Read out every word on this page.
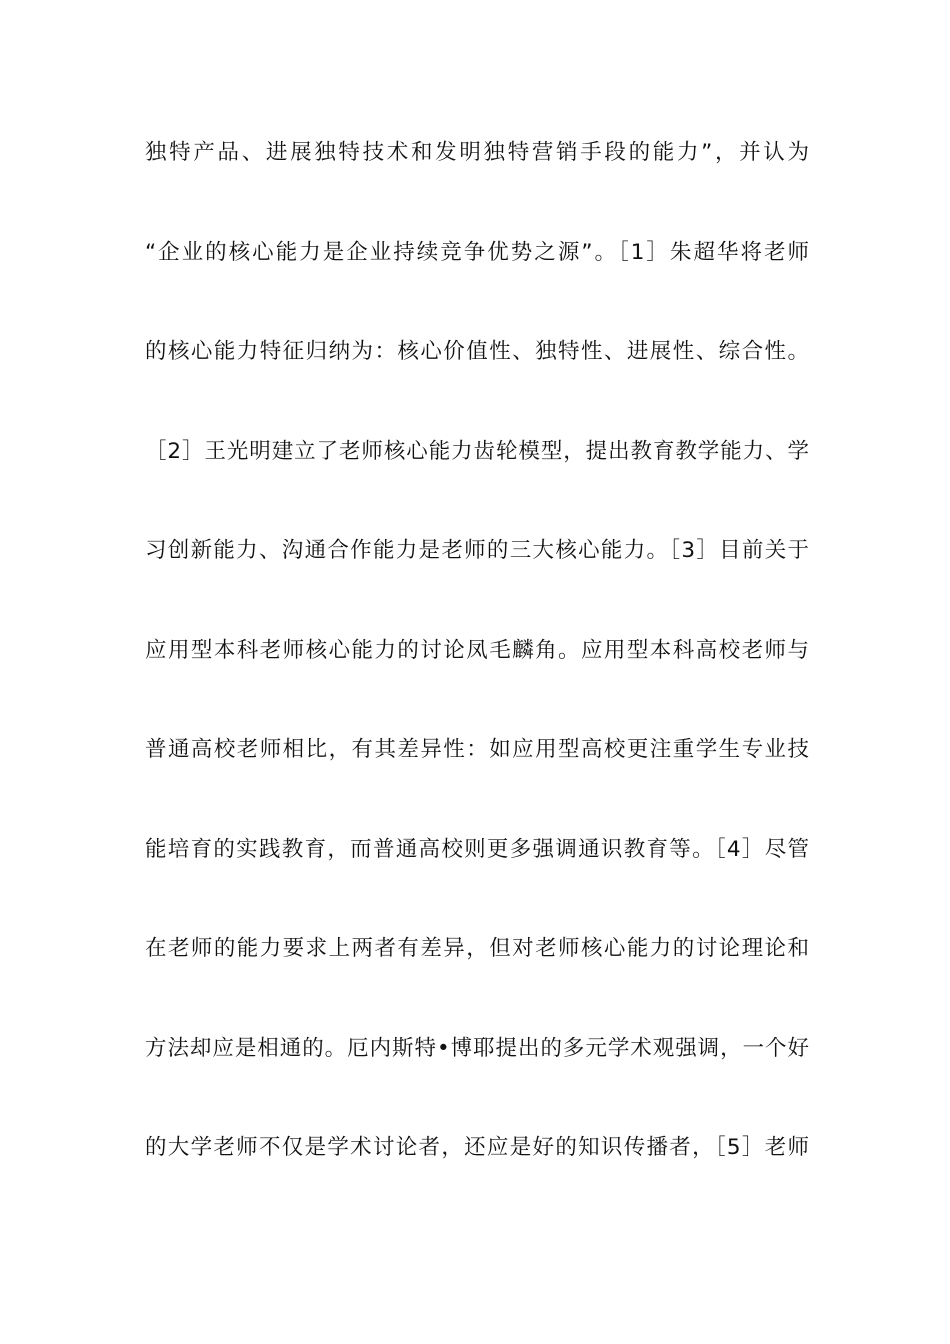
独特产品、进展独特技术和发明独特营销手段的能力”，并认为
“企业的核心能力是企业持续竞争优势之源”。［1］朱超华将老师
的核心能力特征归纳为：核心价值性、独特性、进展性、综合性。
［2］王光明建立了老师核心能力齿轮模型，提出教育教学能力、学
习创新能力、沟通合作能力是老师的三大核心能力。［3］目前关于
应用型本科老师核心能力的讨论凤毛麟角。应用型本科高校老师与
普通高校老师相比，有其差异性：如应用型高校更注重学生专业技
能培育的实践教育，而普通高校则更多强调通识教育等。［4］尽管
在老师的能力要求上两者有差异，但对老师核心能力的讨论理论和
方法却应是相通的。厄内斯特•博耶提出的多元学术观强调，一个好
的大学老师不仅是学术讨论者，还应是好的知识传播者，［5］老师
